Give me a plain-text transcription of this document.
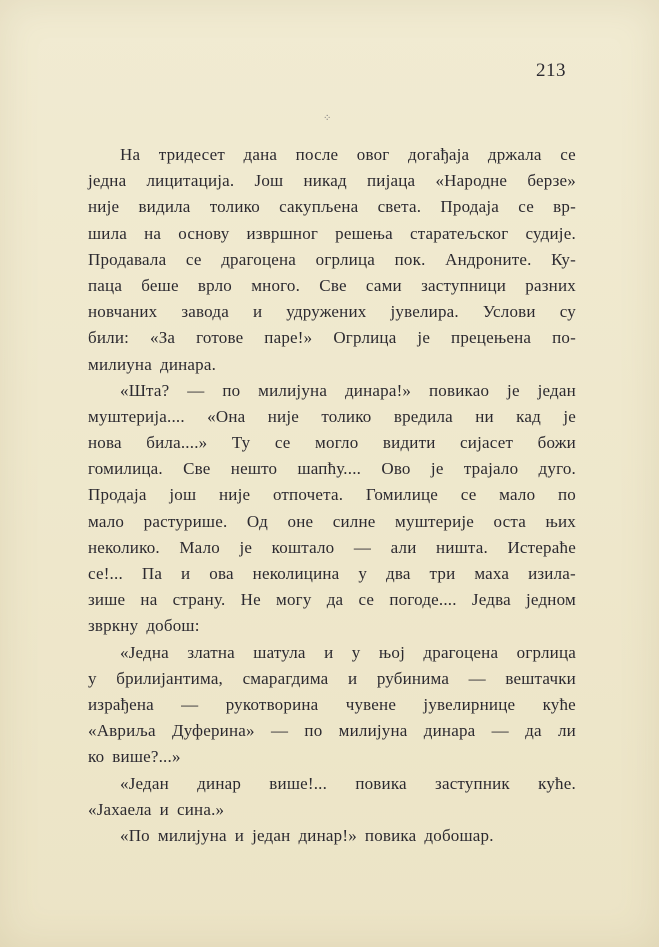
213
⁘
На тридесет дана после овог догађаја држала се
једна лицитација. Још никад пијаца «Народне берзе»
није видила толико сакупљена света. Продаја се вр-
шила на основу извршног решења старатељског судије.
Продавала се драгоцена огрлица пок. Андроните. Ку-
паца беше врло много. Све сами заступници разних
новчаних завода и удружених јувелира. Услови су
били: «За готове паре!» Огрлица је прецењена по-
милиуна динара.
«Шта? — по милијуна динара!» повикао је један
муштерија.... «Она није толико вредила ни кад је
нова била....» Ту се могло видити сијасет божи
гомилица. Све нешто шапћу.... Ово је трајало дуго.
Продаја још није отпочета. Гомилице се мало по
мало растурише. Од оне силне муштерије оста њих
неколико. Мало је коштало — али ништа. Истераће
се!... Па и ова неколицина у два три маха изила-
зише на страну. Не могу да се погоде.... Једва једном
звркну добош:
«Једна златна шатула и у њој драгоцена огрлица
у брилијантима, смарагдима и рубинима — вештачки
израђена — рукотворина чувене јувелирнице куће
«Авриља Дуферина» — по милијуна динара — да ли
ко више?...»
«Један динар више!... повика заступник куће.
«Јахаела и сина.»
«По милијуна и један динар!» повика добошар.
